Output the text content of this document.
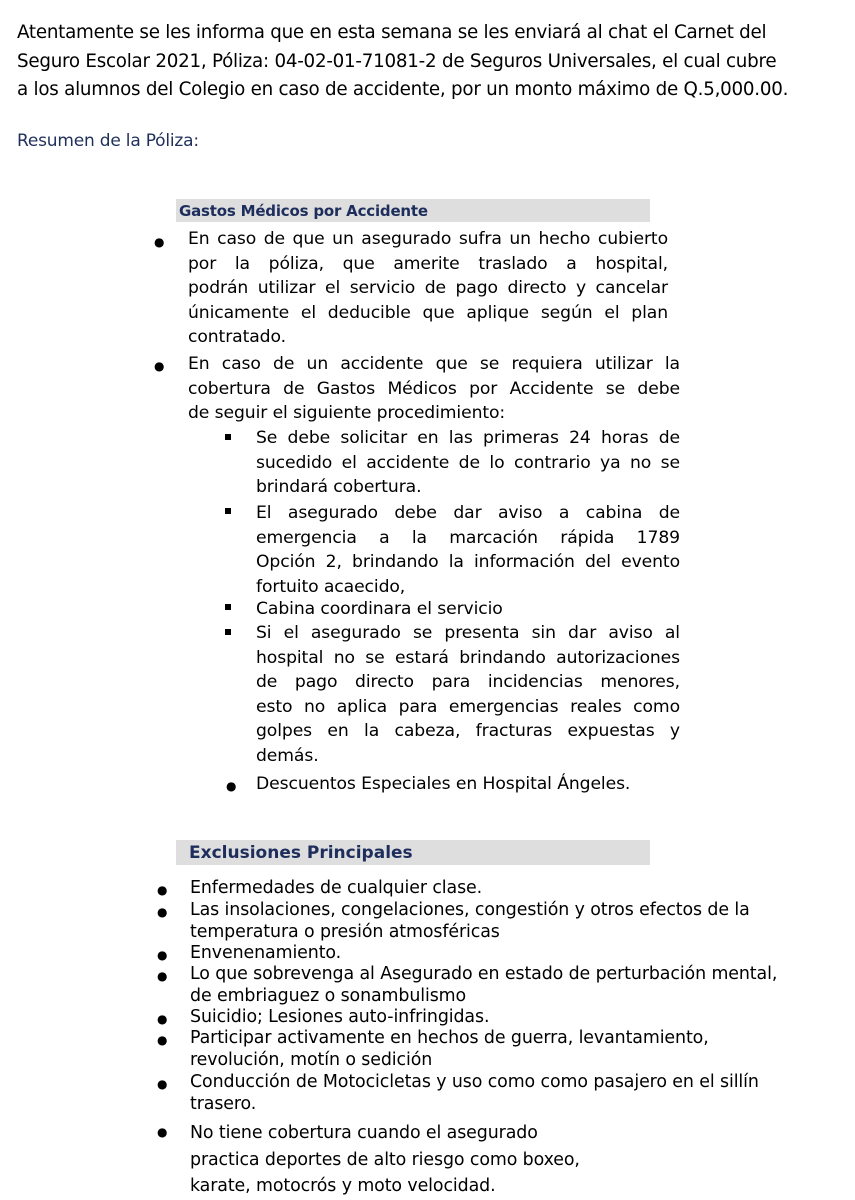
Atentamente se les informa que en esta semana se les enviará al chat el Carnet del
Seguro Escolar 2021, Póliza: 04-02-01-71081-2 de Seguros Universales, el cual cubre
a los alumnos del Colegio en caso de accidente, por un monto máximo de Q.5,000.00.
Resumen de la Póliza:
Gastos Médicos por Accidente
● En caso de que un asegurado sufra un hecho cubierto
por la póliza, que amerite traslado a hospital,
podrán utilizar el servicio de pago directo y cancelar
únicamente el deducible que aplique según el plan
contratado.
● En caso de un accidente que se requiera utilizar la
cobertura de Gastos Médicos por Accidente se debe
de seguir el siguiente procedimiento:
Se debe solicitar en las primeras 24 horas de
sucedido el accidente de lo contrario ya no se
brindará cobertura.
El asegurado debe dar aviso a cabina de
emergencia a la marcación rápida 1789
Opción 2, brindando la información del evento
fortuito acaecido,
Cabina coordinara el servicio
Si el asegurado se presenta sin dar aviso al
hospital no se estará brindando autorizaciones
de pago directo para incidencias menores,
esto no aplica para emergencias reales como
golpes en la cabeza, fracturas expuestas y
demás.
● Descuentos Especiales en Hospital Ángeles.
Exclusiones Principales
● Enfermedades de cualquier clase.
● Las insolaciones, congelaciones, congestión y otros efectos de la
temperatura o presión atmosféricas
● Envenenamiento.
● Lo que sobrevenga al Asegurado en estado de perturbación mental,
de embriaguez o sonambulismo
● Suicidio; Lesiones auto-infringidas.
● Participar activamente en hechos de guerra, levantamiento,
revolución, motín o sedición
● Conducción de Motocicletas y uso como como pasajero en el sillín
trasero.
● No tiene cobertura cuando el asegurado
practica deportes de alto riesgo como boxeo,
karate, motocrós y moto velocidad.
